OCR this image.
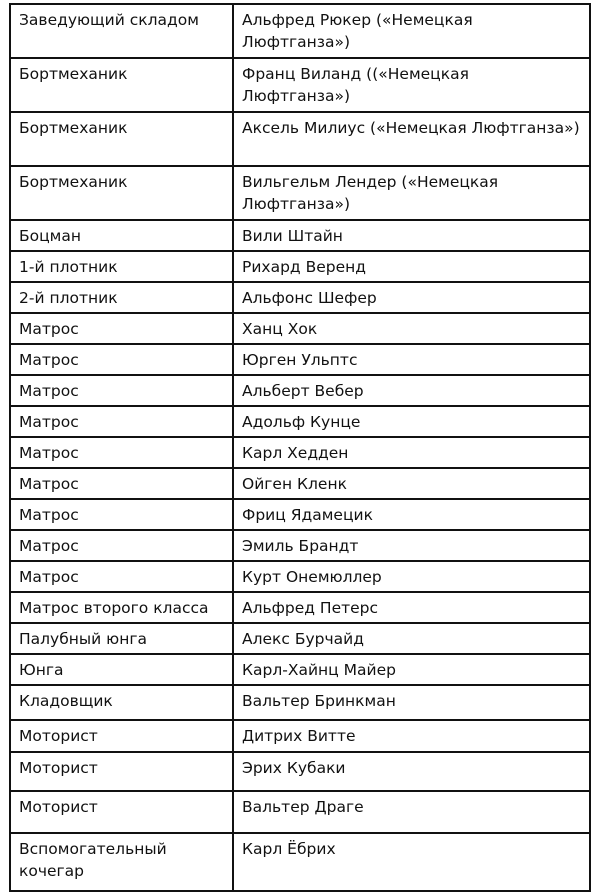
Заведующий складом	Альфред Рюкер («Немецкая Люфтганза»)
Бортмеханик	Франц Виланд ((«Немецкая Люфтганза»)
Бортмеханик	Аксель Милиус («Немецкая Люфтганза»)
Бортмеханик	Вильгельм Лендер («Немецкая Люфтганза»)
Боцман	Вили Штайн
1-й плотник	Рихард Веренд
2-й плотник	Альфонс Шефер
Матрос	Ханц Хок
Матрос	Юрген Ульптс
Матрос	Альберт Вебер
Матрос	Адольф Кунце
Матрос	Карл Хедден
Матрос	Ойген Кленк
Матрос	Фриц Ядамецик
Матрос	Эмиль Брандт
Матрос	Курт Онемюллер
Матрос второго класса	Альфред Петерс
Палубный юнга	Алекс Бурчайд
Юнга	Карл-Хайнц Майер
Кладовщик	Вальтер Бринкман
Моторист	Дитрих Витте
Моторист	Эрих Кубаки
Моторист	Вальтер Драге
Вспомогательный кочегар	Карл Ёбрих
